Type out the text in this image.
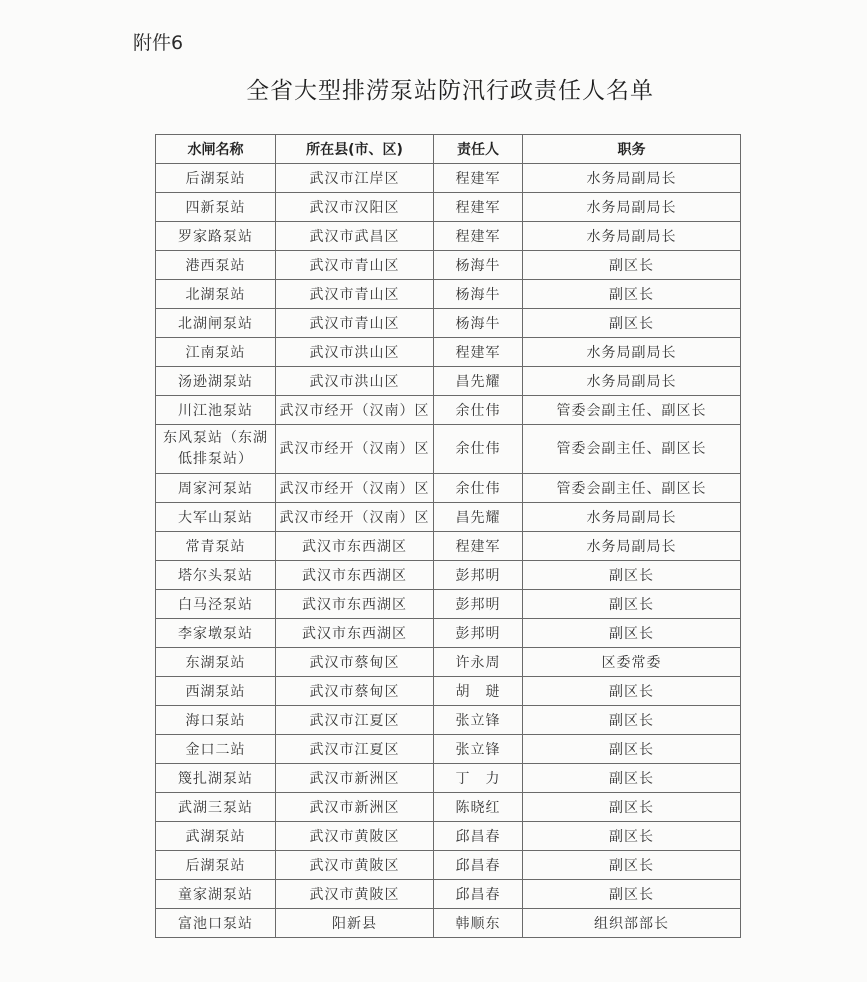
附件6
全省大型排涝泵站防汛行政责任人名单
水闸名称	所在县(市、区)	责任人	职务
后湖泵站	武汉市江岸区	程建军	水务局副局长
四新泵站	武汉市汉阳区	程建军	水务局副局长
罗家路泵站	武汉市武昌区	程建军	水务局副局长
港西泵站	武汉市青山区	杨海牛	副区长
北湖泵站	武汉市青山区	杨海牛	副区长
北湖闸泵站	武汉市青山区	杨海牛	副区长
江南泵站	武汉市洪山区	程建军	水务局副局长
汤逊湖泵站	武汉市洪山区	昌先耀	水务局副局长
川江池泵站	武汉市经开（汉南）区	余仕伟	管委会副主任、副区长
东风泵站（东湖低排泵站）	武汉市经开（汉南）区	余仕伟	管委会副主任、副区长
周家河泵站	武汉市经开（汉南）区	余仕伟	管委会副主任、副区长
大军山泵站	武汉市经开（汉南）区	昌先耀	水务局副局长
常青泵站	武汉市东西湖区	程建军	水务局副局长
塔尔头泵站	武汉市东西湖区	彭邦明	副区长
白马泾泵站	武汉市东西湖区	彭邦明	副区长
李家墩泵站	武汉市东西湖区	彭邦明	副区长
东湖泵站	武汉市蔡甸区	许永周	区委常委
西湖泵站	武汉市蔡甸区	胡　琎	副区长
海口泵站	武汉市江夏区	张立锋	副区长
金口二站	武汉市江夏区	张立锋	副区长
篾扎湖泵站	武汉市新洲区	丁　力	副区长
武湖三泵站	武汉市新洲区	陈晓红	副区长
武湖泵站	武汉市黄陂区	邱昌春	副区长
后湖泵站	武汉市黄陂区	邱昌春	副区长
童家湖泵站	武汉市黄陂区	邱昌春	副区长
富池口泵站	阳新县	韩顺东	组织部部长
